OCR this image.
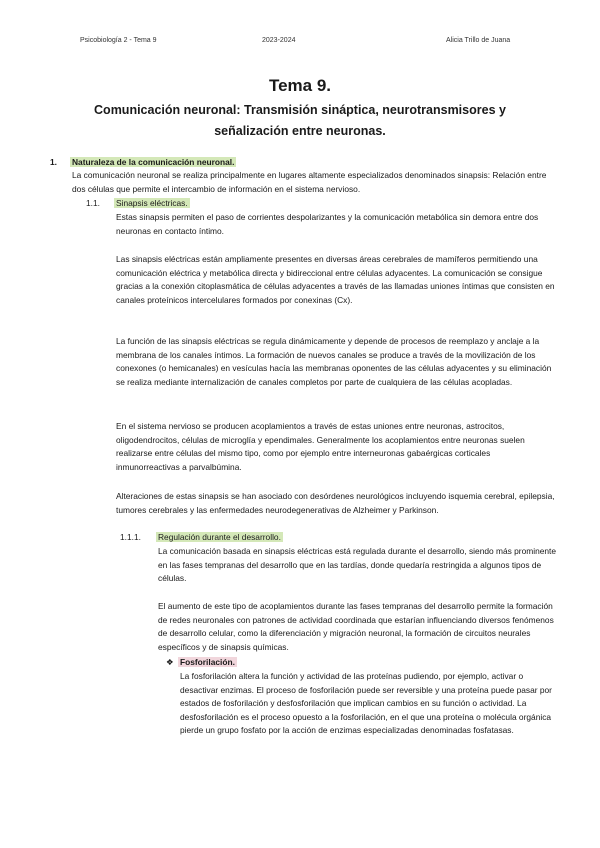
Psicobiología 2 - Tema 9	2023-2024	Alicia Trillo de Juana
Tema 9.
Comunicación neuronal: Transmisión sináptica, neurotransmisores y señalización entre neuronas.
1. Naturaleza de la comunicación neuronal.

La comunicación neuronal se realiza principalmente en lugares altamente especializados denominados sinapsis: Relación entre dos células que permite el intercambio de información en el sistema nervioso.

1.1. Sinapsis eléctricas.

Estas sinapsis permiten el paso de corrientes despolarizantes y la comunicación metabólica sin demora entre dos neuronas en contacto íntimo.

Las sinapsis eléctricas están ampliamente presentes en diversas áreas cerebrales de mamíferos permitiendo una comunicación eléctrica y metabólica directa y bidireccional entre células adyacentes. La comunicación se consigue gracias a la conexión citoplasmática de células adyacentes a través de las llamadas uniones íntimas que consisten en canales proteínicos intercelulares formados por conexinas (Cx).

La función de las sinapsis eléctricas se regula dinámicamente y depende de procesos de reemplazo y anclaje a la membrana de los canales íntimos. La formación de nuevos canales se produce a través de la movilización de los conexones (o hemicanales) en vesículas hacía las membranas oponentes de las células adyacentes y su eliminación se realiza mediante internalización de canales completos por parte de cualquiera de las células acopladas.

En el sistema nervioso se producen acoplamientos a través de estas uniones entre neuronas, astrocitos, oligodendrocitos, células de microglía y ependimales. Generalmente los acoplamientos entre neuronas suelen realizarse entre células del mismo tipo, como por ejemplo entre interneuronas gabaérgicas corticales inmunorreactivas a parvalbúmina.

Alteraciones de estas sinapsis se han asociado con desórdenes neurológicos incluyendo isquemia cerebral, epilepsia, tumores cerebrales y las enfermedades neurodegenerativas de Alzheimer y Parkinson.

1.1.1. Regulación durante el desarrollo.

La comunicación basada en sinapsis eléctricas está regulada durante el desarrollo, siendo más prominente en las fases tempranas del desarrollo que en las tardías, donde quedaría restringida a algunos tipos de células.

El aumento de este tipo de acoplamientos durante las fases tempranas del desarrollo permite la formación de redes neuronales con patrones de actividad coordinada que estarían influenciando diversos fenómenos de desarrollo celular, como la diferenciación y migración neuronal, la formación de circuitos neurales específicos y de sinapsis químicas.

❖ Fosforilación.

La fosforilación altera la función y actividad de las proteínas pudiendo, por ejemplo, activar o desactivar enzimas. El proceso de fosforilación puede ser reversible y una proteína puede pasar por estados de fosforilación y desfosforilación que implican cambios en su función o actividad. La desfosforilación es el proceso opuesto a la fosforilación, en el que una proteína o molécula orgánica pierde un grupo fosfato por la acción de enzimas especializadas denominadas fosfatasas.
